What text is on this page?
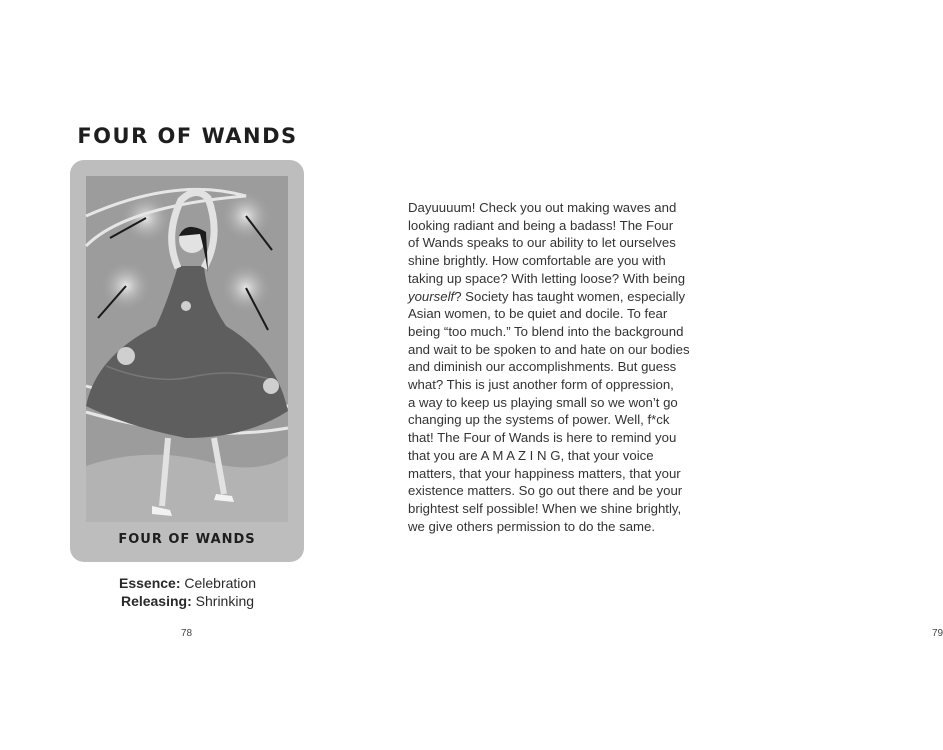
FOUR OF WANDS
FOUR OF WANDS
Essence: Celebration
Releasing: Shrinking
78	79
Dayuuuum! Check you out making waves and
looking radiant and being a badass! The Four
of Wands speaks to our ability to let ourselves
shine brightly. How comfortable are you with
taking up space? With letting loose? With being
yourself? Society has taught women, especially
Asian women, to be quiet and docile. To fear
being “too much.” To blend into the background
and wait to be spoken to and hate on our bodies
and diminish our accomplishments. But guess
what? This is just another form of oppression,
a way to keep us playing small so we won’t go
changing up the systems of power. Well, f*ck
that! The Four of Wands is here to remind you
that you are A M A Z I N G, that your voice
matters, that your happiness matters, that your
existence matters. So go out there and be your
brightest self possible! When we shine brightly,
we give others permission to do the same.
